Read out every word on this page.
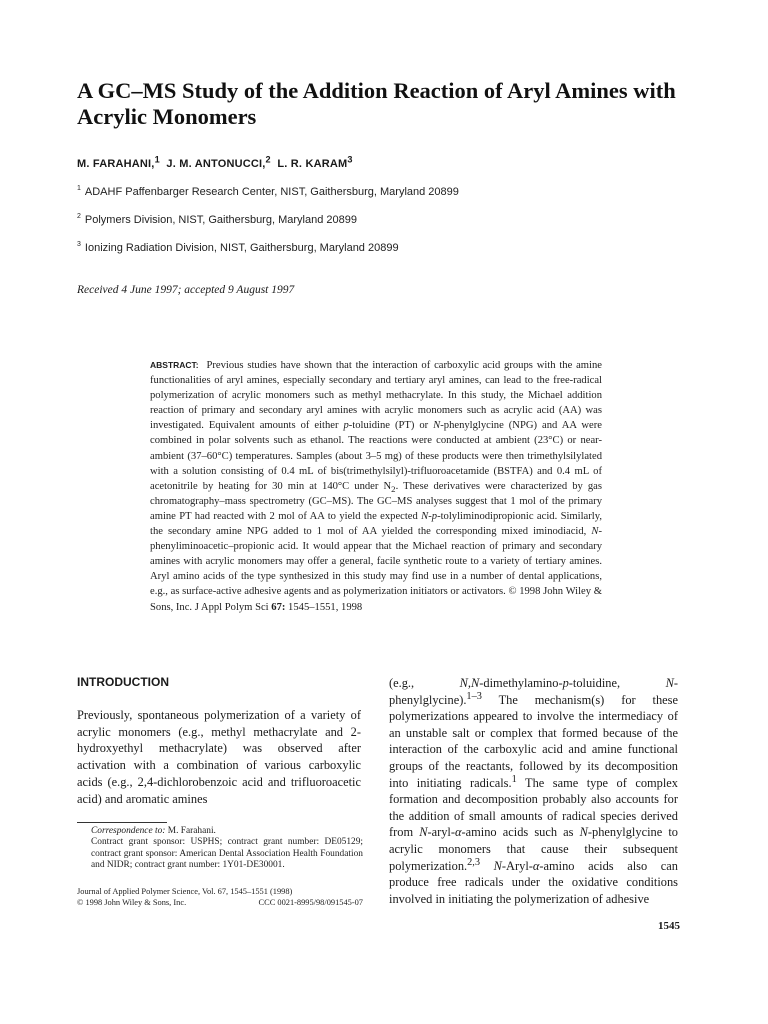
A GC–MS Study of the Addition Reaction of Aryl Amines with Acrylic Monomers
M. FARAHANI,$^1$ J. M. ANTONUCCI,$^2$ L. R. KARAM$^3$
$^1$ ADAHF Paffenbarger Research Center, NIST, Gaithersburg, Maryland 20899
$^2$ Polymers Division, NIST, Gaithersburg, Maryland 20899
$^3$ Ionizing Radiation Division, NIST, Gaithersburg, Maryland 20899
Received 4 June 1997; accepted 9 August 1997
ABSTRACT: Previous studies have shown that the interaction of carboxylic acid groups with the amine functionalities of aryl amines, especially secondary and tertiary aryl amines, can lead to the free-radical polymerization of acrylic monomers such as methyl methacrylate. In this study, the Michael addition reaction of primary and secondary aryl amines with acrylic monomers such as acrylic acid (AA) was investigated. Equivalent amounts of either p-toluidine (PT) or N-phenylglycine (NPG) and AA were combined in polar solvents such as ethanol. The reactions were conducted at ambient (23°C) or near-ambient (37–60°C) temperatures. Samples (about 3–5 mg) of these products were then trimethylsilylated with a solution consisting of 0.4 mL of bis(trimethylsilyl)-trifluoroacetamide (BSTFA) and 0.4 mL of acetonitrile by heating for 30 min at 140°C under $N_2$. These derivatives were characterized by gas chromatography–mass spectrometry (GC–MS). The GC–MS analyses suggest that 1 mol of the primary amine PT had reacted with 2 mol of AA to yield the expected N-p-tolyliminodipropionic acid. Similarly, the secondary amine NPG added to 1 mol of AA yielded the corresponding mixed iminodiacid, N-phenyliminoacetic–propionic acid. It would appear that the Michael reaction of primary and secondary amines with acrylic monomers may offer a general, facile synthetic route to a variety of tertiary amines. Aryl amino acids of the type synthesized in this study may find use in a number of dental applications, e.g., as surface-active adhesive agents and as polymerization initiators or activators. © 1998 John Wiley & Sons, Inc. J Appl Polym Sci 67: 1545–1551, 1998
INTRODUCTION
Previously, spontaneous polymerization of a variety of acrylic monomers (e.g., methyl methacrylate and 2-hydroxyethyl methacrylate) was observed after activation with a combination of various carboxylic acids (e.g., 2,4-dichlorobenzoic acid and trifluoroacetic acid) and aromatic amines
Correspondence to: M. Farahani.
Contract grant sponsor: USPHS; contract grant number: DE05129; contract grant sponsor: American Dental Association Health Foundation and NIDR; contract grant number: 1Y01-DE30001.
Journal of Applied Polymer Science, Vol. 67, 1545–1551 (1998)
© 1998 John Wiley & Sons, Inc.	CCC 0021-8995/98/091545-07
(e.g.,	N,N-dimethylamino-p-toluidine,	N-phenylglycine).$^{1-3}$ The mechanism(s) for these polymerizations appeared to involve the intermediacy of an unstable salt or complex that formed because of the interaction of the carboxylic acid and amine functional groups of the reactants, followed by its decomposition into initiating radicals.$^1$ The same type of complex formation and decomposition probably also accounts for the addition of small amounts of radical species derived from N-aryl-α-amino acids such as N-phenylglycine to acrylic monomers that cause their subsequent polymerization.$^{2,3}$ N-Aryl-α-amino acids also can produce free radicals under the oxidative conditions involved in initiating the polymerization of adhesive
1545
